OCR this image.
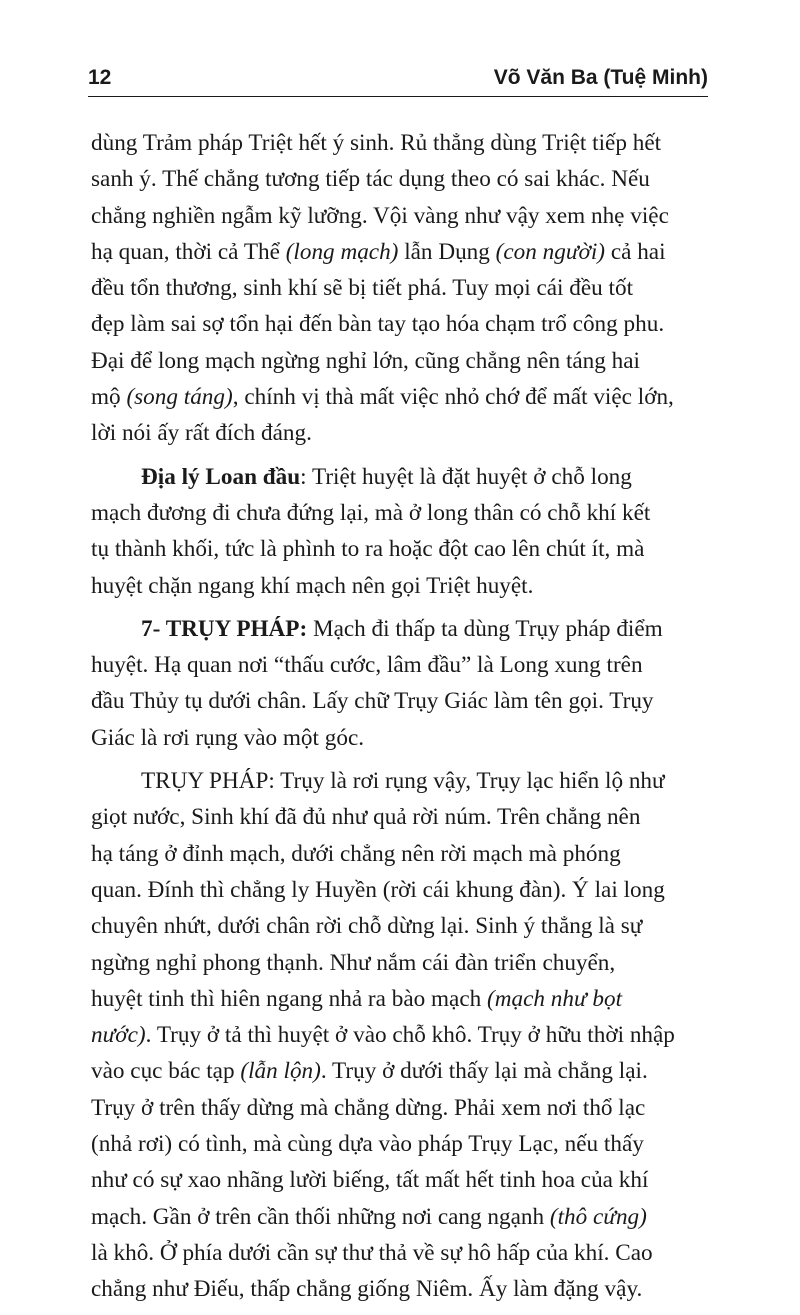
12	Võ Văn Ba (Tuệ Minh)
dùng Trảm pháp Triệt hết ý sinh. Rủ thẳng dùng Triệt tiếp hết
sanh ý. Thế chẳng tương tiếp tác dụng theo có sai khác. Nếu
chẳng nghiền ngẫm kỹ lưỡng. Vội vàng như vậy xem nhẹ việc
hạ quan, thời cả Thể (long mạch) lẫn Dụng (con người) cả hai
đều tổn thương, sinh khí sẽ bị tiết phá. Tuy mọi cái đều tốt
đẹp làm sai sợ tổn hại đến bàn tay tạo hóa chạm trổ công phu.
Đại để long mạch ngừng nghỉ lớn, cũng chẳng nên táng hai
mộ (song táng), chính vị thà mất việc nhỏ chớ để mất việc lớn,
lời nói ấy rất đích đáng.
Địa lý Loan đầu: Triệt huyệt là đặt huyệt ở chỗ long
mạch đương đi chưa đứng lại, mà ở long thân có chỗ khí kết
tụ thành khối, tức là phình to ra hoặc đột cao lên chút ít, mà
huyệt chặn ngang khí mạch nên gọi Triệt huyệt.
7- TRỤY PHÁP: Mạch đi thấp ta dùng Trụy pháp điểm
huyệt. Hạ quan nơi “thấu cước, lâm đầu” là Long xung trên
đầu Thủy tụ dưới chân. Lấy chữ Trụy Giác làm tên gọi. Trụy
Giác là rơi rụng vào một góc.
TRỤY PHÁP: Trụy là rơi rụng vậy, Trụy lạc hiển lộ như
giọt nước, Sinh khí đã đủ như quả rời núm. Trên chẳng nên
hạ táng ở đỉnh mạch, dưới chẳng nên rời mạch mà phóng
quan. Đính thì chẳng ly Huyền (rời cái khung đàn). Ý lai long
chuyên nhứt, dưới chân rời chỗ dừng lại. Sinh ý thẳng là sự
ngừng nghỉ phong thạnh. Như nắm cái đàn triển chuyển,
huyệt tinh thì hiên ngang nhả ra bào mạch (mạch như bọt
nước). Trụy ở tả thì huyệt ở vào chỗ khô. Trụy ở hữu thời nhập
vào cục bác tạp (lẫn lộn). Trụy ở dưới thấy lại mà chẳng lại.
Trụy ở trên thấy dừng mà chẳng dừng. Phải xem nơi thổ lạc
(nhả rơi) có tình, mà cùng dựa vào pháp Trụy Lạc, nếu thấy
như có sự xao nhãng lười biếng, tất mất hết tinh hoa của khí
mạch. Gần ở trên cần thối những nơi cang ngạnh (thô cứng)
là khô. Ở phía dưới cần sự thư thả về sự hô hấp của khí. Cao
chẳng như Điếu, thấp chẳng giống Niêm. Ấy làm đặng vậy.
